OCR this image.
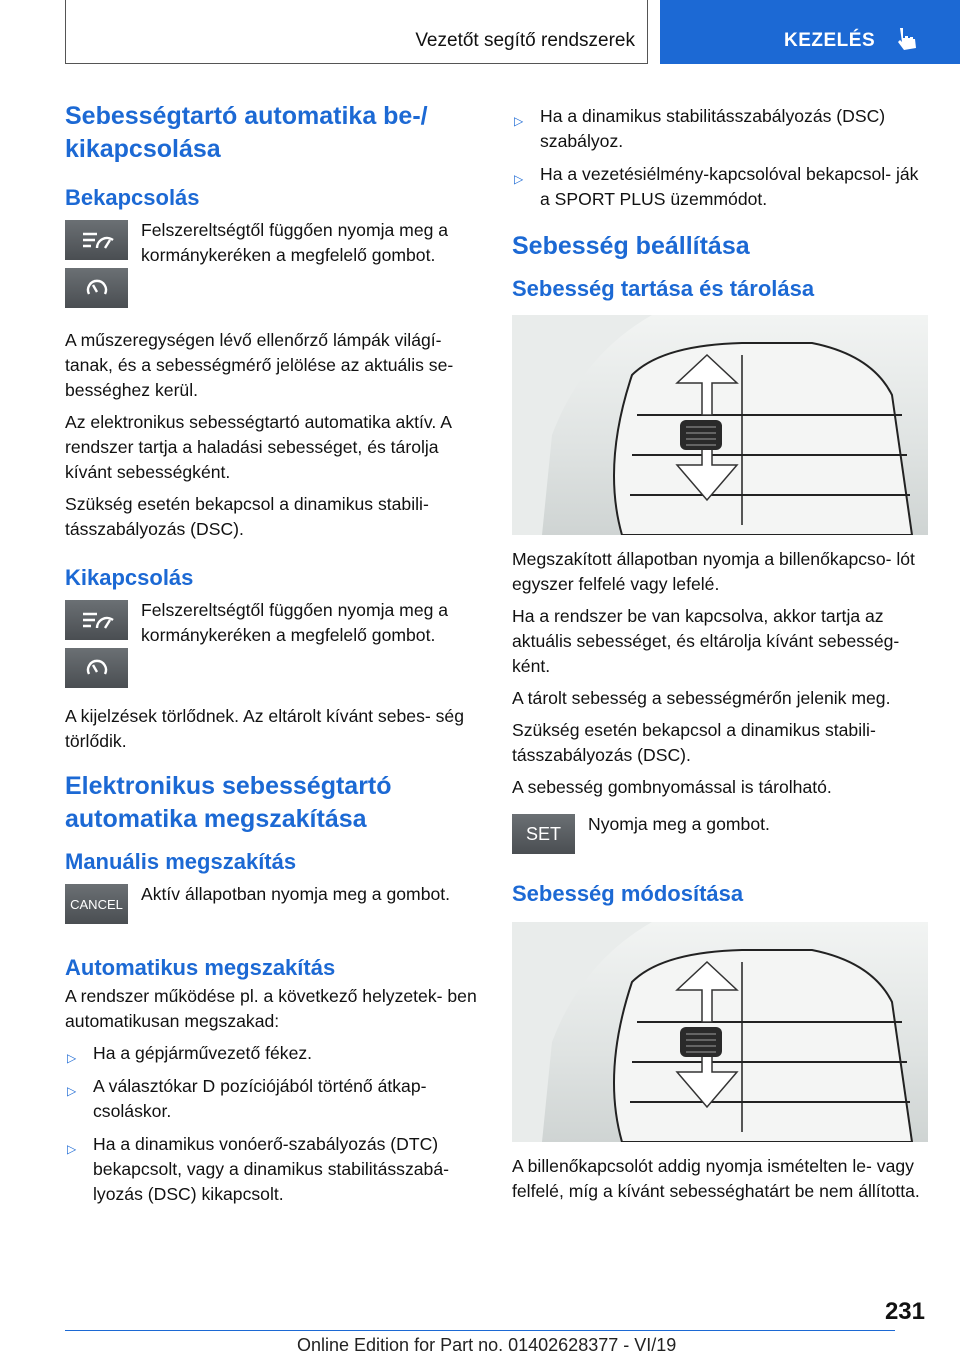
Vezetőt segítő rendszerek	KEZELÉS
Sebességtartó automatika be-/
kikapcsolása
Bekapcsolás

Felszereltségtől függően nyomja meg a kormánykeréken a megfelelő gombot.

A műszeregységen lévő ellenőrző lámpák világí- tanak, és a sebességmérő jelölése az aktuális se- bességhez kerül.

Az elektronikus sebességtartó automatika aktív. A rendszer tartja a haladási sebességet, és tárolja kívánt sebességként.

Szükség esetén bekapcsol a dinamikus stabili- tásszabályozás (DSC).

Kikapcsolás

Felszereltségtől függően nyomja meg a kormánykeréken a megfelelő gombot.

A kijelzések törlődnek. Az eltárolt kívánt sebes- ség törlődik.

Elektronikus sebességtartó automatika megszakítása
Manuális megszakítás
CANCEL Aktív állapotban nyomja meg a gombot.

Automatikus megszakítás

A rendszer működése pl. a következő helyzetek- ben automatikusan megszakad:

▷ Ha a gépjárművezető fékez.
▷ A választókar D pozíciójából történő átkap- csoláskor.
▷ Ha a dinamikus vonóerő-szabályozás (DTC) bekapcsolt, vagy a dinamikus stabilitásszabá- lyozás (DSC) kikapcsolt.
▷ Ha a dinamikus stabilitásszabályozás (DSC) szabályoz.
▷ Ha a vezetésiélmény-kapcsolóval bekapcsol- ják a SPORT PLUS üzemmódot.
Sebesség beállítása
Sebesség tartása és tárolása

Megszakított állapotban nyomja a billenőkapcso- lót egyszer felfelé vagy lefelé.

Ha a rendszer be van kapcsolva, akkor tartja az aktuális sebességet, és eltárolja kívánt sebesség- ként.

A tárolt sebesség a sebességmérőn jelenik meg.

Szükség esetén bekapcsol a dinamikus stabili- tásszabályozás (DSC).

A sebesség gombnyomással is tárolható.

SET Nyomja meg a gombot.

Sebesség módosítása

A billenőkapcsolót addig nyomja ismételten le- vagy felfelé, míg a kívánt sebességhatárt be nem állította.

231
Online Edition for Part no. 01402628377 - VI/19
